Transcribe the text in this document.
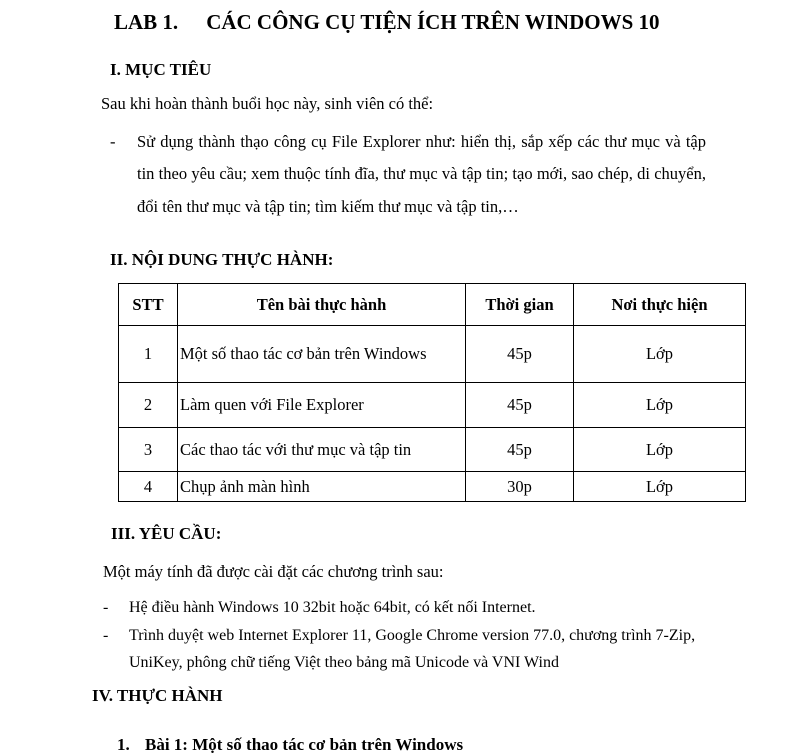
LAB 1. CÁC CÔNG CỤ TIỆN ÍCH TRÊN WINDOWS 10
I. MỤC TIÊU
Sau khi hoàn thành buổi học này, sinh viên có thể:
-	Sử dụng thành thạo công cụ File Explorer như: hiển thị, sắp xếp các thư mục và tập tin theo yêu cầu; xem thuộc tính đĩa, thư mục và tập tin; tạo mới, sao chép, di chuyển, đổi tên thư mục và tập tin; tìm kiếm thư mục và tập tin,…
II. NỘI DUNG THỰC HÀNH:
STT	Tên bài thực hành	Thời gian	Nơi thực hiện
1	Một số thao tác cơ bản trên Windows	45p	Lớp
2	Làm quen với File Explorer	45p	Lớp
3	Các thao tác với thư mục và tập tin	45p	Lớp
4	Chụp ảnh màn hình	30p	Lớp
III. YÊU CẦU:
Một máy tính đã được cài đặt các chương trình sau:
-	Hệ điều hành Windows 10 32bit hoặc 64bit, có kết nối Internet.
-	Trình duyệt web Internet Explorer 11, Google Chrome version 77.0, chương trình 7-Zip, UniKey, phông chữ tiếng Việt theo bảng mã Unicode và VNI Wind
IV. THỰC HÀNH
1. Bài 1: Một số thao tác cơ bản trên Windows
